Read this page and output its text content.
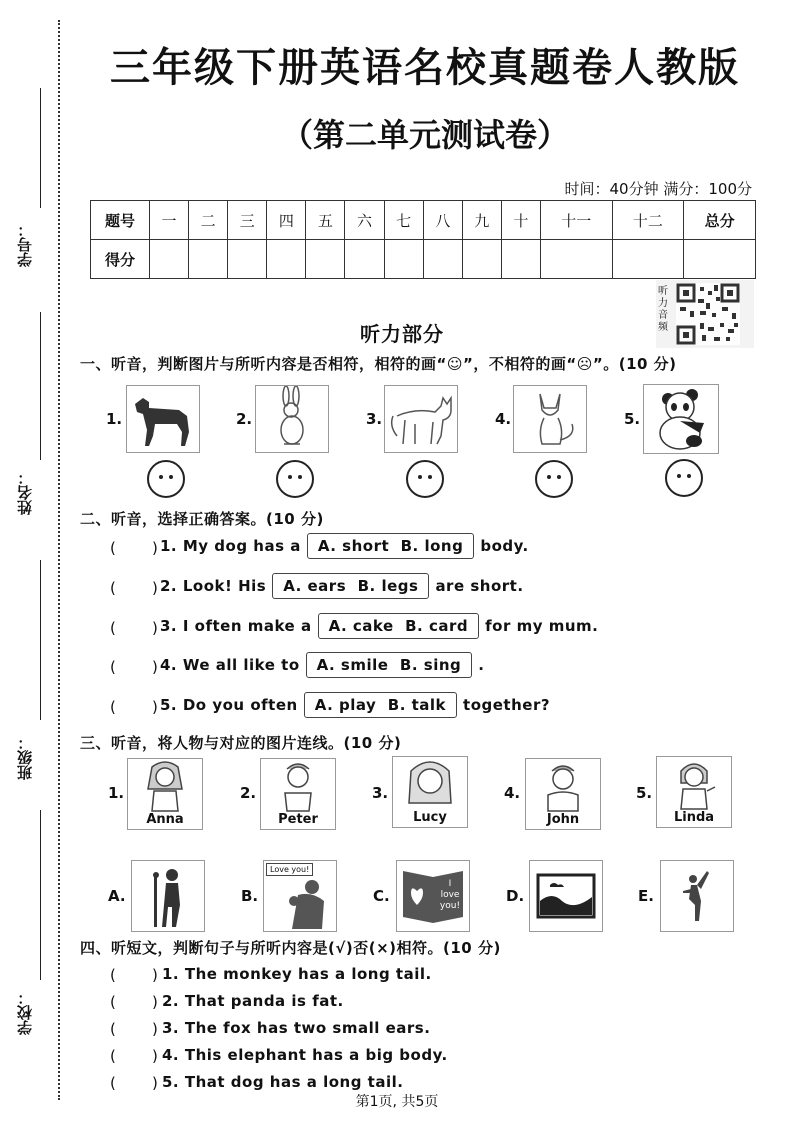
学号：
姓名：
班级：
学校：
三年级下册英语名校真题卷人教版
（第二单元测试卷）
时间：40分钟 满分：100分
题号	一	二	三	四	五	六	七	八	九	十	十一	十二	总分
得分													
听力音频
听力部分
一、听音，判断图片与所听内容是否相符，相符的画“☺”，不相符的画“☹”。(10 分)
1.	2.	3.	4.	5.
二、听音，选择正确答案。(10 分)
( ) 1. My dog has a A. short B. long body.
( ) 2. Look! His A. ears B. legs are short.
( ) 3. I often make a A. cake B. card for my mum.
( ) 4. We all like to A. smile B. sing .
( ) 5. Do you often A. play B. talk together?
三、听音，将人物与对应的图片连线。(10 分)
1.
Anna
2.
Peter
3.
Lucy
4.
John
5.
Linda
A.	B.
Love you!
C.
I love you!
D.	E.
四、听短文，判断句子与所听内容是(√)否(×)相符。(10 分)
( ) 1. The monkey has a long tail.
( ) 2. That panda is fat.
( ) 3. The fox has two small ears.
( ) 4. This elephant has a big body.
( ) 5. That dog has a long tail.
第1页, 共5页
